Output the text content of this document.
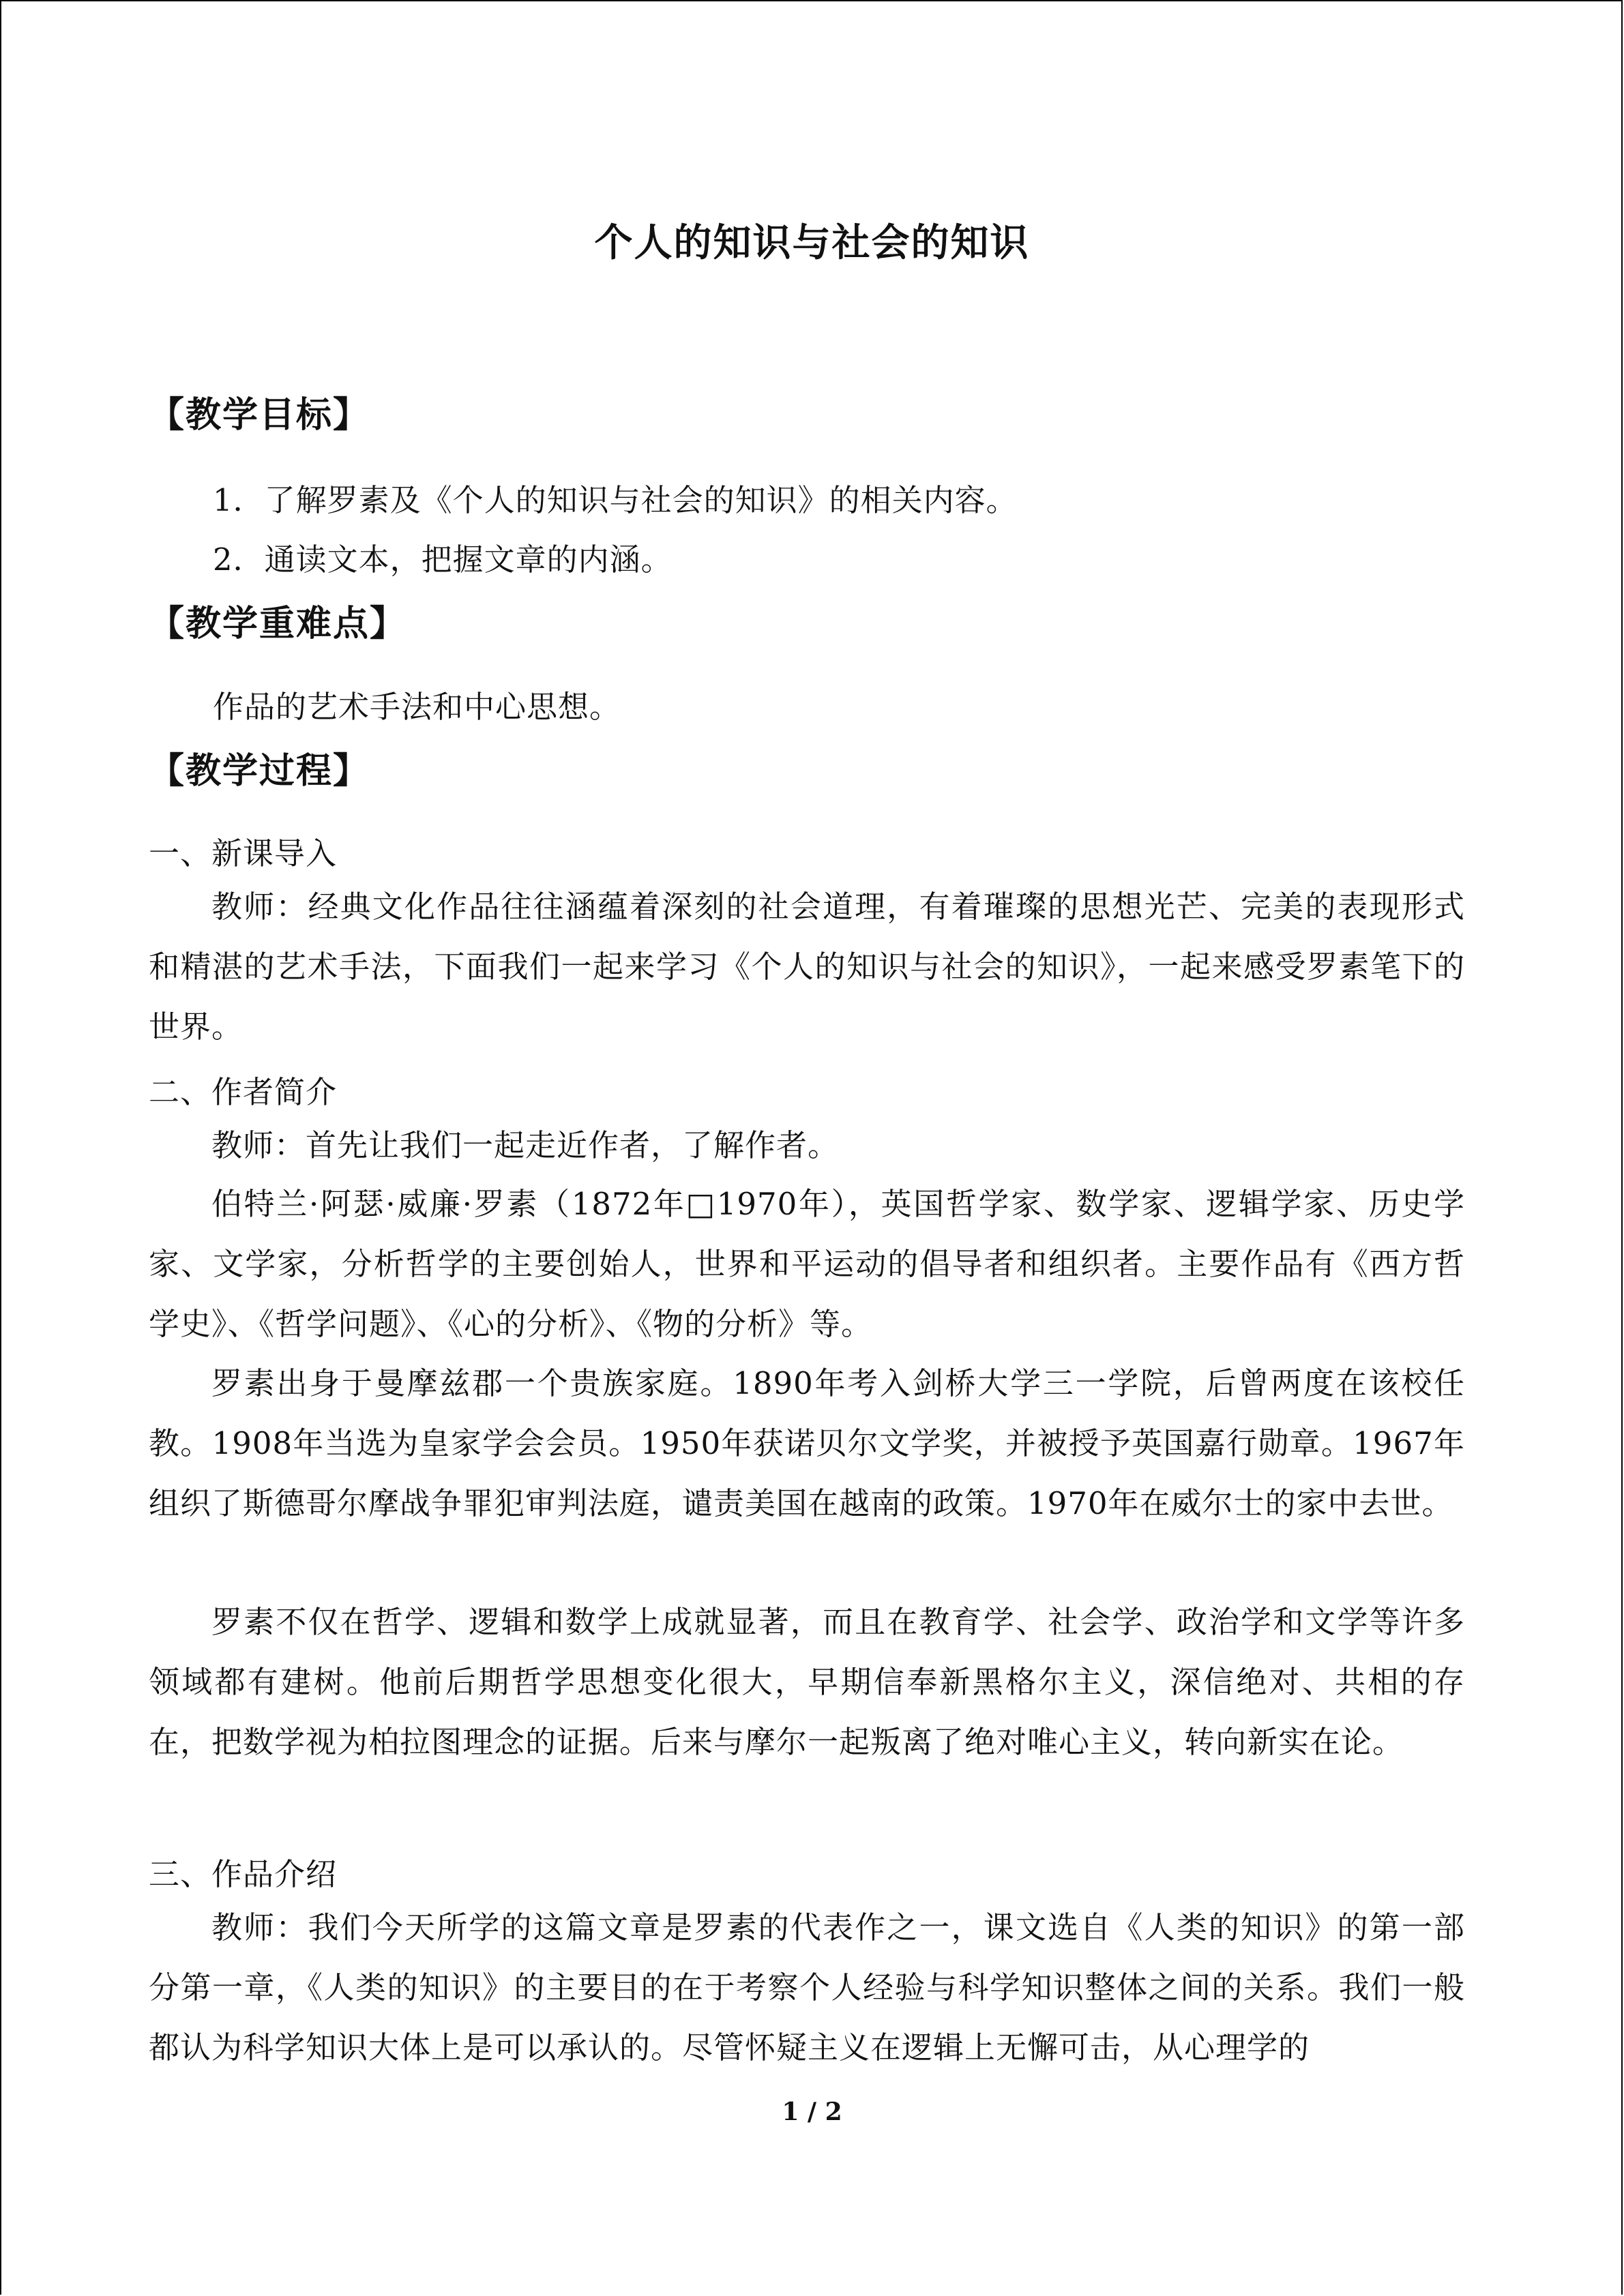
个人的知识与社会的知识
【教学目标】
1．了解罗素及《个人的知识与社会的知识》的相关内容。
2．通读文本，把握文章的内涵。
【教学重难点】
作品的艺术手法和中心思想。
【教学过程】
一、新课导入
教师：经典文化作品往往涵蕴着深刻的社会道理，有着璀璨的思想光芒、完美的表现形式和精湛的艺术手法，下面我们一起来学习《个人的知识与社会的知识》，一起来感受罗素笔下的世界。
二、作者简介
教师：首先让我们一起走近作者，了解作者。
伯特兰·阿瑟·威廉·罗素（1872年□1970年），英国哲学家、数学家、逻辑学家、历史学家、文学家，分析哲学的主要创始人，世界和平运动的倡导者和组织者。主要作品有《西方哲学史》、《哲学问题》、《心的分析》、《物的分析》等。
罗素出身于曼摩兹郡一个贵族家庭。1890年考入剑桥大学三一学院，后曾两度在该校任教。1908年当选为皇家学会会员。1950年获诺贝尔文学奖，并被授予英国嘉行勋章。1967年组织了斯德哥尔摩战争罪犯审判法庭，谴责美国在越南的政策。1970年在威尔士的家中去世。
罗素不仅在哲学、逻辑和数学上成就显著，而且在教育学、社会学、政治学和文学等许多领域都有建树。他前后期哲学思想变化很大，早期信奉新黑格尔主义，深信绝对、共相的存在，把数学视为柏拉图理念的证据。后来与摩尔一起叛离了绝对唯心主义，转向新实在论。
三、作品介绍
教师：我们今天所学的这篇文章是罗素的代表作之一，课文选自《人类的知识》的第一部分第一章，《人类的知识》的主要目的在于考察个人经验与科学知识整体之间的关系。我们一般都认为科学知识大体上是可以承认的。尽管怀疑主义在逻辑上无懈可击，从心理学的
1 / 2
